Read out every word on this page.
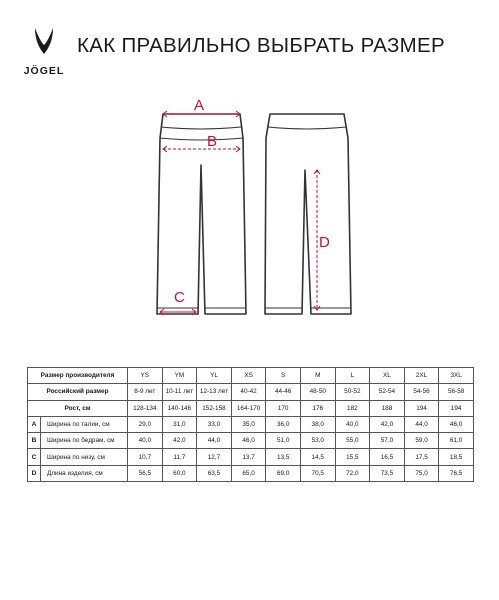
JÖGEL
КАК ПРАВИЛЬНО ВЫБРАТЬ РАЗМЕР
A
B
C
D
Размер производителя		YS	YM	YL	XS	S	M	L	XL	2XL	3XL
Российский размер		8-9 лет	10-11 лет	12-13 лет	40-42	44-46	48-50	50-52	52-54	54-56	56-58
Рост, см		128-134	140-146	152-158	164-170	170	176	182	188	194	194
A	Ширина по талии, см	29,0	31,0	33,0	35,0	36,0	38,0	40,0	42,0	44,0	46,0
B	Ширина по бедрам, см	40,0	42,0	44,0	46,0	51,0	53,0	55,0	57,0	59,0	61,0
C	Ширина по низу, см	10,7	11,7	12,7	13,7	13,5	14,5	15,5	16,5	17,5	18,5
D	Длина изделия, см	56,5	60,0	63,5	65,0	69,0	70,5	72,0	73,5	75,0	76,5
